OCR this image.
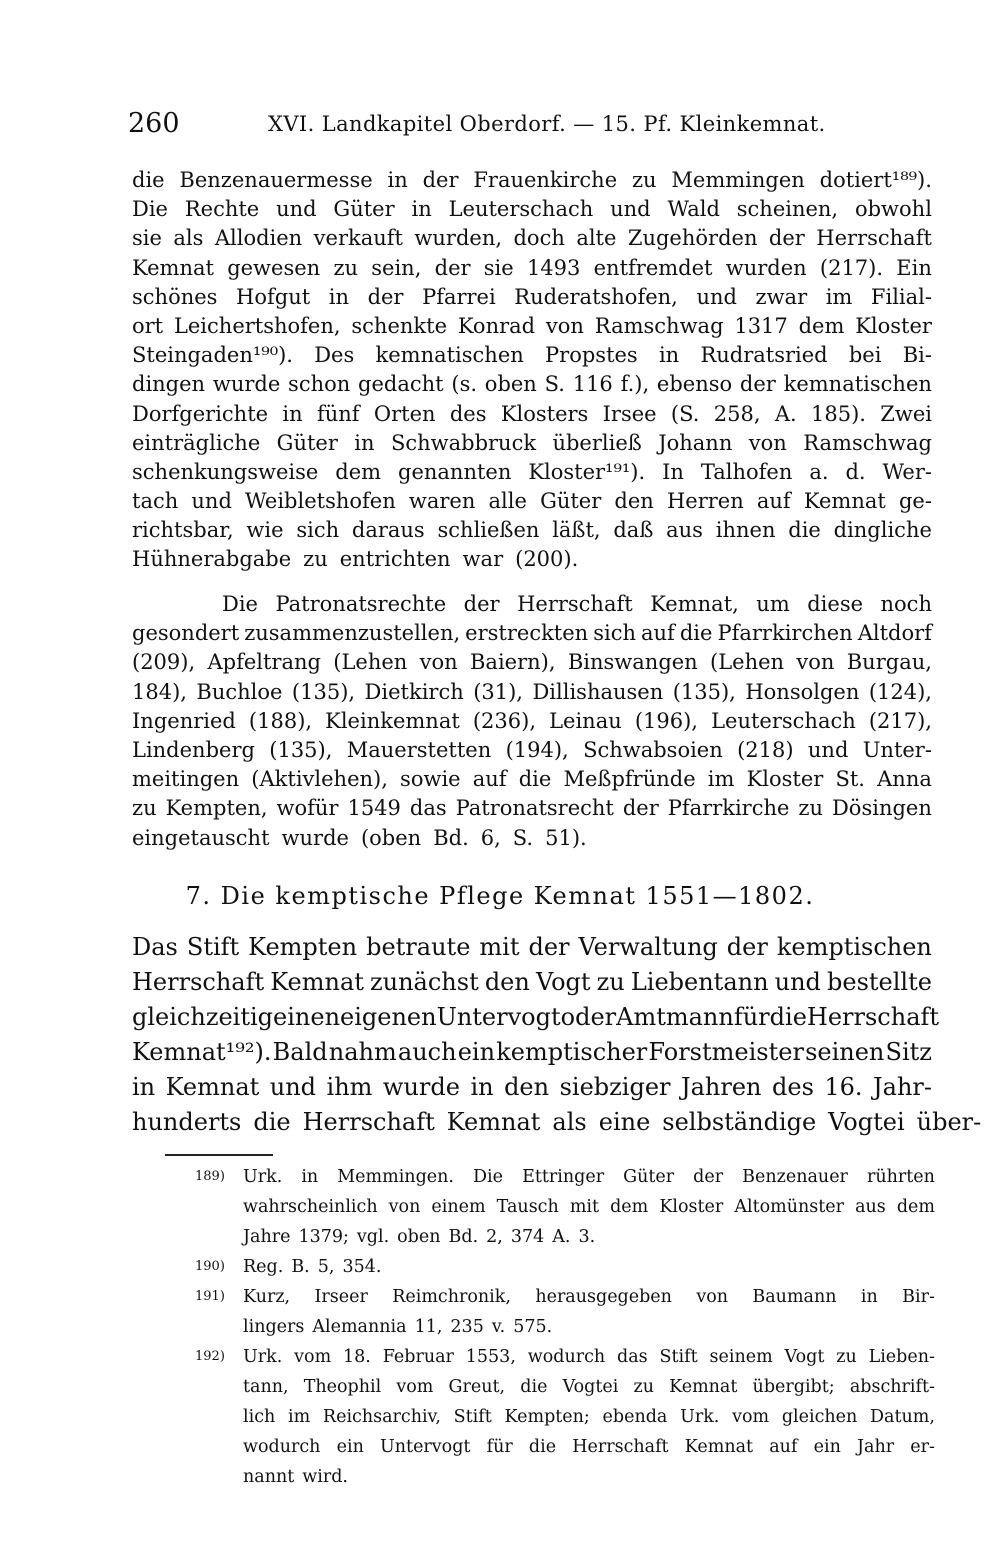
260	XVI. Landkapitel Oberdorf. — 15. Pf. Kleinkemnat.
die Benzenauermesse in der Frauenkirche zu Memmingen dotiert¹⁸⁹).
Die Rechte und Güter in Leuterschach und Wald scheinen, obwohl
sie als Allodien verkauft wurden, doch alte Zugehörden der Herrschaft
Kemnat gewesen zu sein, der sie 1493 entfremdet wurden (217). Ein
schönes Hofgut in der Pfarrei Ruderatshofen, und zwar im Filial-
ort Leichertshofen, schenkte Konrad von Ramschwag 1317 dem Kloster
Steingaden¹⁹⁰). Des kemnatischen Propstes in Rudratsried bei Bi-
dingen wurde schon gedacht (s. oben S. 116 f.), ebenso der kemnatischen
Dorfgerichte in fünf Orten des Klosters Irsee (S. 258, A. 185). Zwei
einträgliche Güter in Schwabbruck überließ Johann von Ramschwag
schenkungsweise dem genannten Kloster¹⁹¹). In Talhofen a. d. Wer-
tach und Weibletshofen waren alle Güter den Herren auf Kemnat ge-
richtsbar, wie sich daraus schließen läßt, daß aus ihnen die dingliche
Hühnerabgabe zu entrichten war (200).
Die Patronatsrechte der Herrschaft Kemnat, um diese noch
gesondert zusammenzustellen, erstreckten sich auf die Pfarrkirchen Altdorf
(209), Apfeltrang (Lehen von Baiern), Binswangen (Lehen von Burgau,
184), Buchloe (135), Dietkirch (31), Dillishausen (135), Honsolgen (124),
Ingenried (188), Kleinkemnat (236), Leinau (196), Leuterschach (217),
Lindenberg (135), Mauerstetten (194), Schwabsoien (218) und Unter-
meitingen (Aktivlehen), sowie auf die Meßpfründe im Kloster St. Anna
zu Kempten, wofür 1549 das Patronatsrecht der Pfarrkirche zu Dösingen
eingetauscht wurde (oben Bd. 6, S. 51).
7. Die kemptische Pflege Kemnat 1551—1802.
Das Stift Kempten betraute mit der Verwaltung der kemptischen
Herrschaft Kemnat zunächst den Vogt zu Liebentann und bestellte
gleichzeitig einen eigenen Untervogt oder Amtmann für die Herrschaft
Kemnat¹⁹²). Bald nahm auch ein kemptischer Forstmeister seinen Sitz
in Kemnat und ihm wurde in den siebziger Jahren des 16. Jahr-
hunderts die Herrschaft Kemnat als eine selbständige Vogtei über-
189)	Urk. in Memmingen. Die Ettringer Güter der Benzenauer rührten
wahrscheinlich von einem Tausch mit dem Kloster Altomünster aus dem
Jahre 1379; vgl. oben Bd. 2, 374 A. 3.
190)	Reg. B. 5, 354.
191)	Kurz, Irseer Reimchronik, herausgegeben von Baumann in Bir-
lingers Alemannia 11, 235 v. 575.
192)	Urk. vom 18. Februar 1553, wodurch das Stift seinem Vogt zu Lieben-
tann, Theophil vom Greut, die Vogtei zu Kemnat übergibt; abschrift-
lich im Reichsarchiv, Stift Kempten; ebenda Urk. vom gleichen Datum,
wodurch ein Untervogt für die Herrschaft Kemnat auf ein Jahr er-
nannt wird.
